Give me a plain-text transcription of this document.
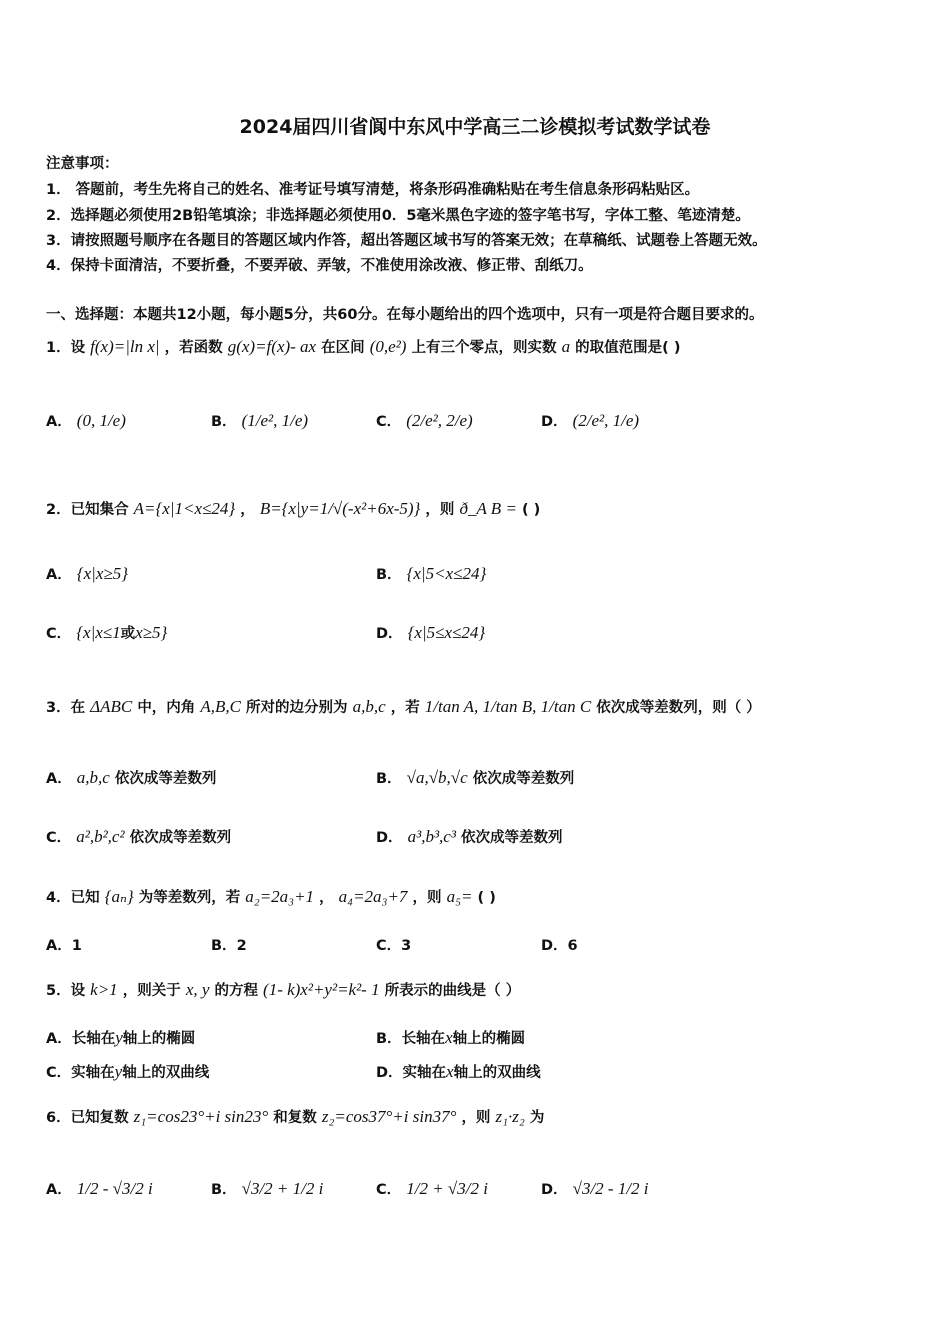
2024届四川省阆中东风中学高三二诊模拟考试数学试卷
注意事项：
1． 答题前，考生先将自己的姓名、准考证号填写清楚，将条形码准确粘贴在考生信息条形码粘贴区。
2．选择题必须使用2B铅笔填涂；非选择题必须使用0．5毫米黑色字迹的签字笔书写，字体工整、笔迹清楚。
3．请按照题号顺序在各题目的答题区域内作答，超出答题区域书写的答案无效；在草稿纸、试题卷上答题无效。
4．保持卡面清洁，不要折叠，不要弄破、弄皱，不准使用涂改液、修正带、刮纸刀。
一、选择题：本题共12小题，每小题5分，共60分。在每小题给出的四个选项中，只有一项是符合题目要求的。
1．设 f(x)=|ln x| ，若函数 g(x)=f(x)- ax 在区间 (0,e²) 上有三个零点，则实数 a 的取值范围是( )
A． (0, 1/e)	B． (1/e², 1/e)	C． (2/e², 2/e)	D． (2/e², 1/e)
2．已知集合 A={x|1<x≤24} ， B={x|y=1/√(-x²+6x-5)} ，则 ð_A B = ( )
A． {x|x≥5}	B． {x|5<x≤24}
C． {x|x≤1或x≥5}	D． {x|5≤x≤24}
3．在 ΔABC 中，内角 A,B,C 所对的边分别为 a,b,c ，若 1/tan A, 1/tan B, 1/tan C 依次成等差数列，则（ ）
A． a,b,c 依次成等差数列	B． √a,√b,√c 依次成等差数列
C． a²,b²,c² 依次成等差数列	D． a³,b³,c³ 依次成等差数列
4．已知 {aₙ} 为等差数列，若 a₂=2a₃+1 ， a₄=2a₃+7 ，则 a₅= ( )
A．1	B．2	C．3	D．6
5．设 k>1 ，则关于 x, y 的方程 (1- k)x²+y²=k²- 1 所表示的曲线是（ ）
A．长轴在y轴上的椭圆	B．长轴在x轴上的椭圆
C．实轴在y轴上的双曲线	D．实轴在x轴上的双曲线
6．已知复数 z₁=cos23°+i sin23° 和复数 z₂=cos37°+i sin37° ，则 z₁·z₂ 为
A． 1/2 - √3/2 i	B． √3/2 + 1/2 i	C． 1/2 + √3/2 i	D． √3/2 - 1/2 i
